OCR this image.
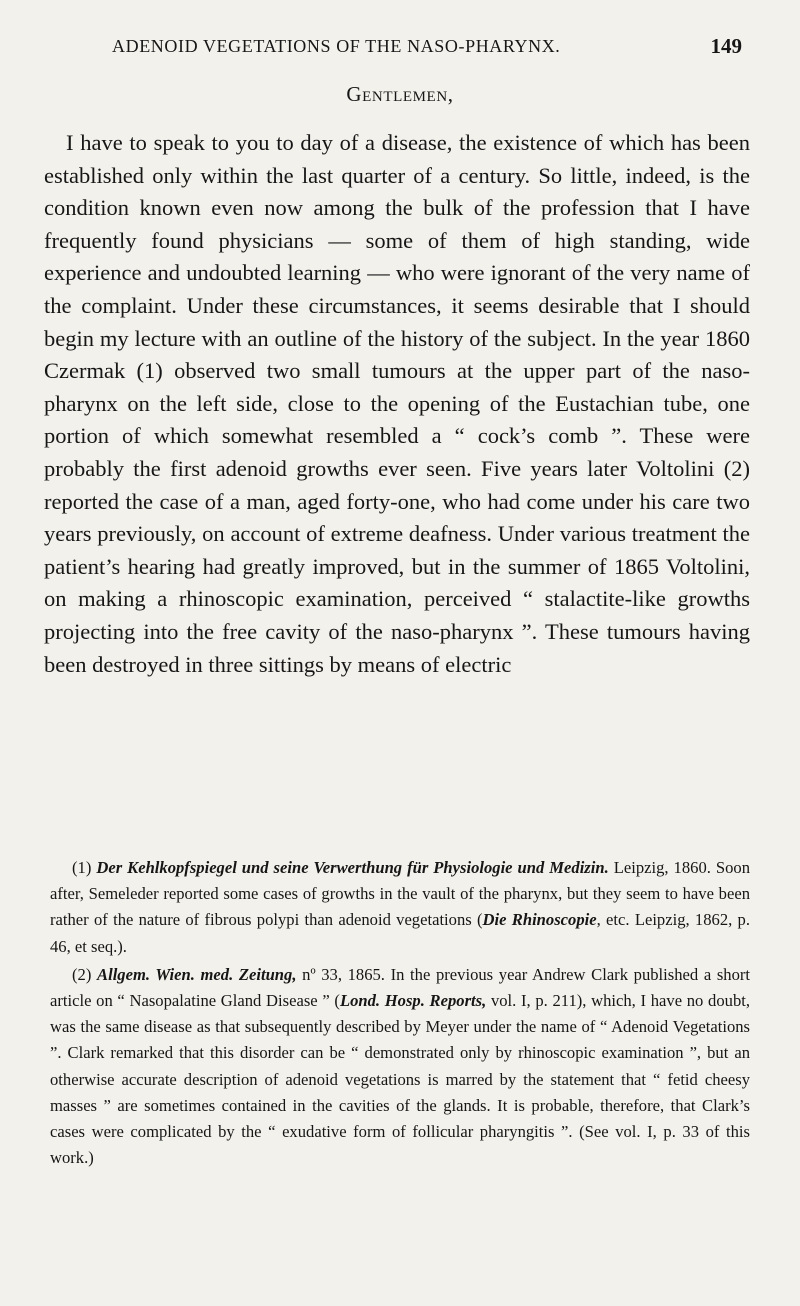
ADENOID VEGETATIONS OF THE NASO-PHARYNX.	149
Gentlemen,

I have to speak to you to day of a disease, the existence of which has been established only within the last quarter of a century. So little, indeed, is the condition known even now among the bulk of the profession that I have frequently found physicians — some of them of high standing, wide experience and undoubted learning — who were ignorant of the very name of the complaint. Under these circumstances, it seems desirable that I should begin my lecture with an outline of the history of the subject. In the year 1860 Czermak (1) observed two small tumours at the upper part of the naso-pharynx on the left side, close to the opening of the Eustachian tube, one portion of which somewhat resembled a “ cock’s comb ”. These were probably the first adenoid growths ever seen. Five years later Voltolini (2) reported the case of a man, aged forty-one, who had come under his care two years previously, on account of extreme deafness. Under various treatment the patient’s hearing had greatly improved, but in the summer of 1865 Voltolini, on making a rhinoscopic examination, perceived “ stalactite-like growths projecting into the free cavity of the naso-pharynx ”. These tumours having been destroyed in three sittings by means of electric

(1) Der Kehlkopfspiegel und seine Verwerthung für Physiologie und Medizin. Leipzig, 1860. Soon after, Semeleder reported some cases of growths in the vault of the pharynx, but they seem to have been rather of the nature of fibrous polypi than adenoid vegetations (Die Rhinoscopie, etc. Leipzig, 1862, p. 46, et seq.).

(2) Allgem. Wien. med. Zeitung, nº 33, 1865. In the previous year Andrew Clark published a short article on “ Nasopalatine Gland Disease ” (Lond. Hosp. Reports, vol. I, p. 211), which, I have no doubt, was the same disease as that subsequently described by Meyer under the name of “ Adenoid Vegetations ”. Clark remarked that this disorder can be “ demonstrated only by rhinoscopic examination ”, but an otherwise accurate description of adenoid vegetations is marred by the statement that “ fetid cheesy masses ” are sometimes contained in the cavities of the glands. It is probable, therefore, that Clark’s cases were complicated by the “ exudative form of follicular pharyngitis ”. (See vol. I, p. 33 of this work.)
